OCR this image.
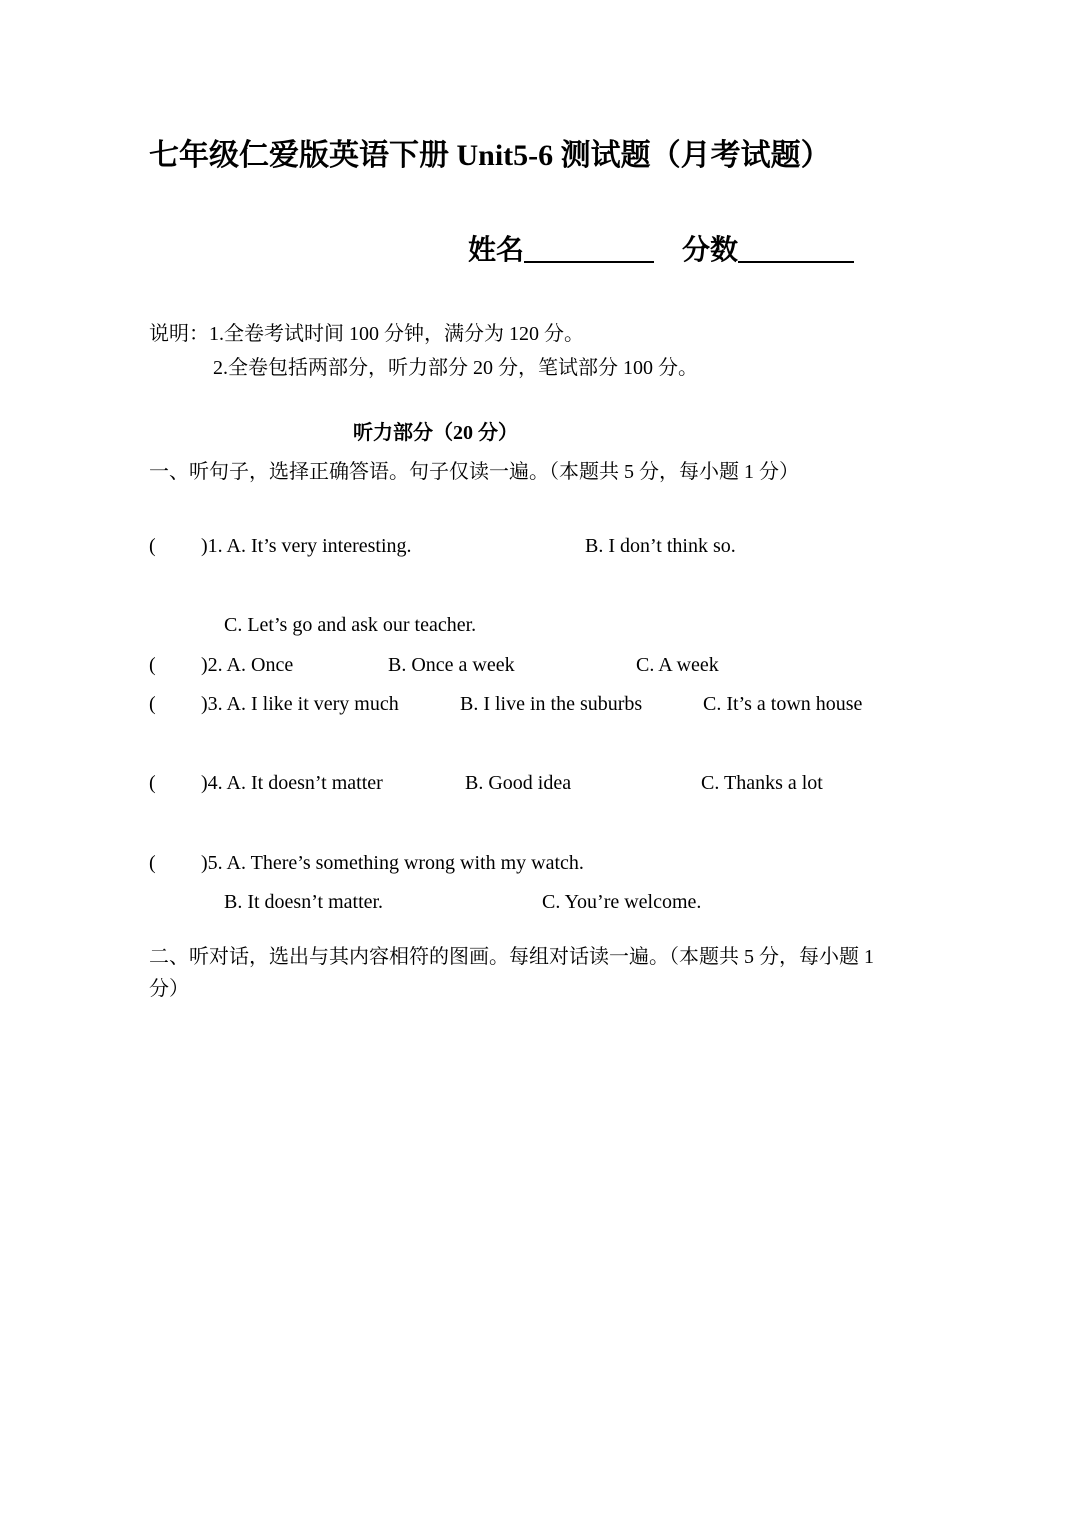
七年级仁爱版英语下册 Unit5-6 测试题（月考试题）
姓名	分数
说明：1.全卷考试时间 100 分钟，满分为 120 分。
2.全卷包括两部分，听力部分 20 分，笔试部分 100 分。
听力部分（20 分）
一、听句子，选择正确答语。句子仅读一遍。（本题共 5 分，每小题 1 分）
( )1. A. It’s very interesting.	B. I don’t think so.
C. Let’s go and ask our teacher.
( )2. A. Once	B. Once a week	C. A week
( )3. A. I like it very much	B. I live in the suburbs	C. It’s a town house
( )4. A. It doesn’t matter	B. Good idea	C. Thanks a lot
( )5. A. There’s something wrong with my watch.
B. It doesn’t matter.	C. You’re welcome.
二、听对话，选出与其内容相符的图画。每组对话读一遍。（本题共 5 分，每小题 1
分）
